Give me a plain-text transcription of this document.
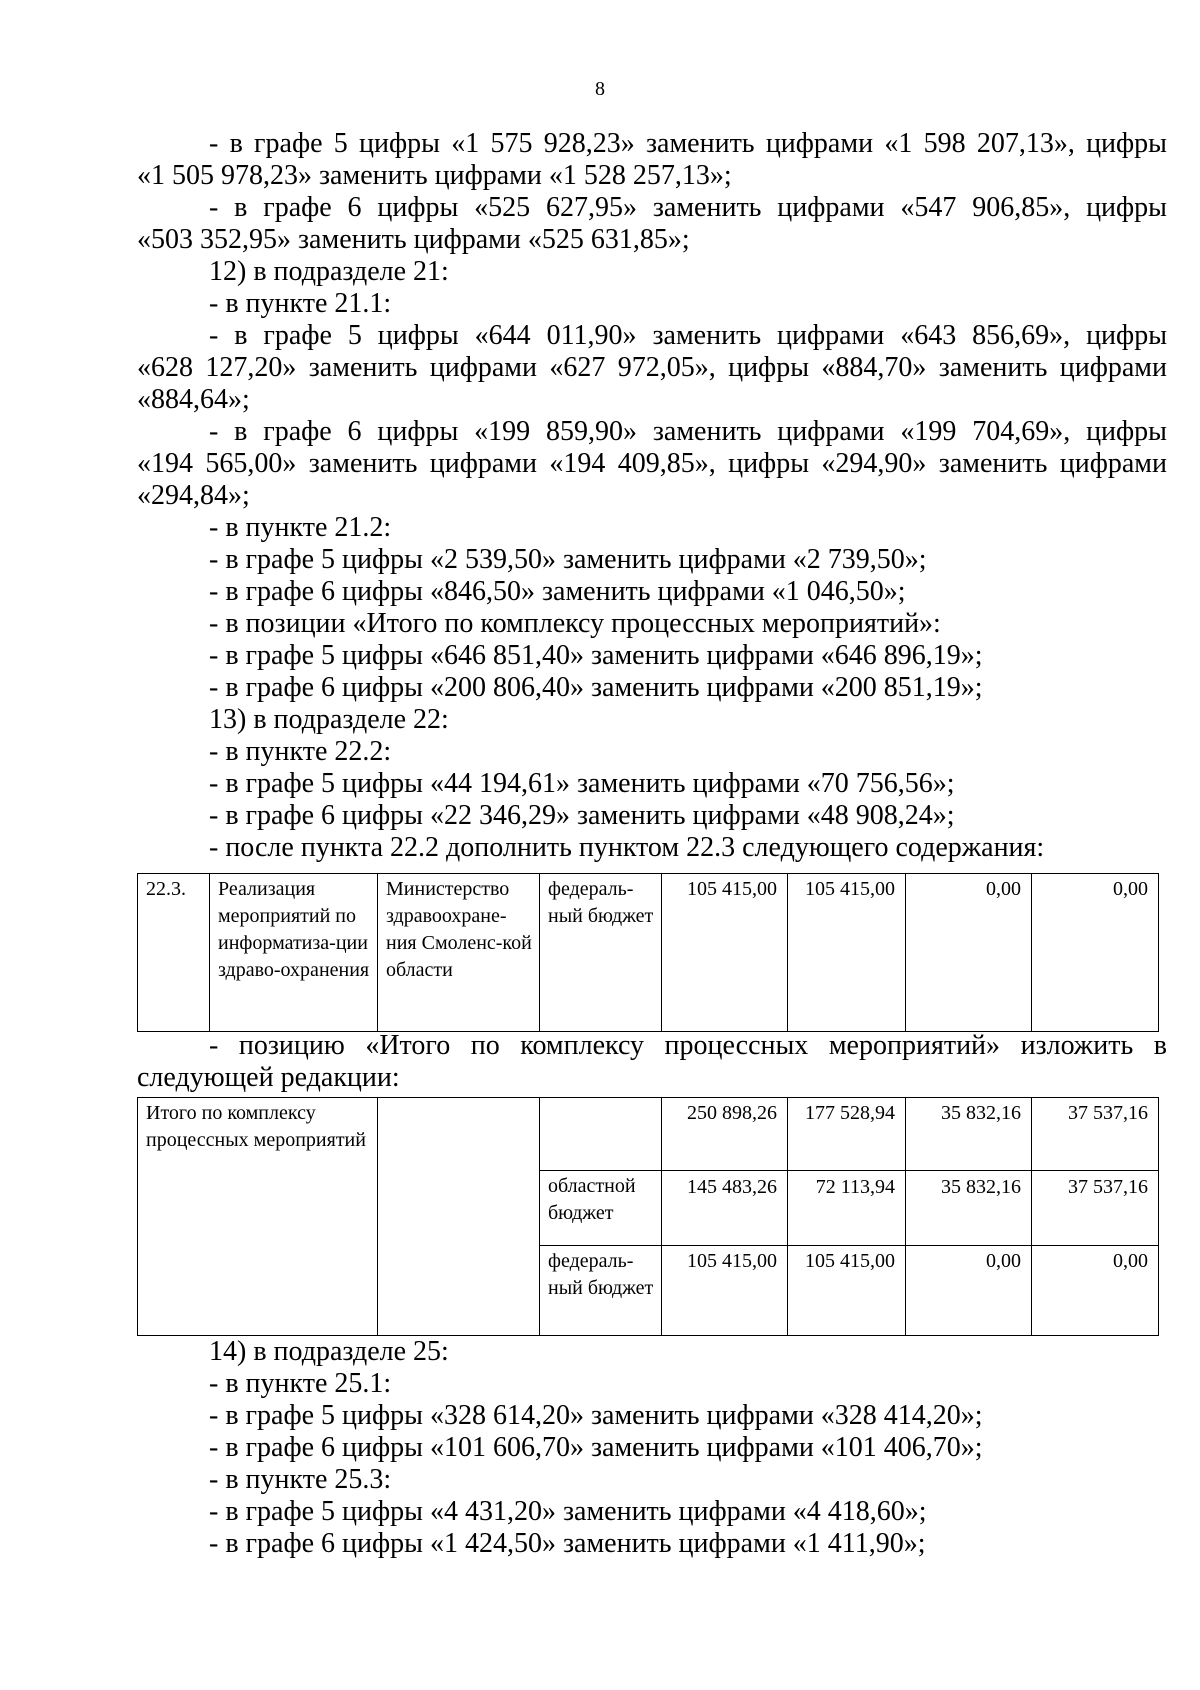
8

- в графе 5 цифры «1 575 928,23» заменить цифрами «1 598 207,13», цифры

«1 505 978,23» заменить цифрами «1 528 257,13»;

- в графе 6 цифры «525 627,95» заменить цифрами «547 906,85», цифры

«503 352,95» заменить цифрами «525 631,85»;

12) в подразделе 21:

- в пункте 21.1:

- в графе 5 цифры «644 011,90» заменить цифрами «643 856,69», цифры

«628 127,20» заменить цифрами «627 972,05», цифры «884,70» заменить цифрами

«884,64»;

- в графе 6 цифры «199 859,90» заменить цифрами «199 704,69», цифры

«194 565,00» заменить цифрами «194 409,85», цифры «294,90» заменить цифрами

«294,84»;

- в пункте 21.2:

- в графе 5 цифры «2 539,50» заменить цифрами «2 739,50»;

- в графе 6 цифры «846,50» заменить цифрами «1 046,50»;

- в позиции «Итого по комплексу процессных мероприятий»:

- в графе 5 цифры «646 851,40» заменить цифрами «646 896,19»;

- в графе 6 цифры «200 806,40» заменить цифрами «200 851,19»;

13) в подразделе 22:

- в пункте 22.2:

- в графе 5 цифры «44 194,61» заменить цифрами «70 756,56»;

- в графе 6 цифры «22 346,29» заменить цифрами «48 908,24»;

- после пункта 22.2 дополнить пунктом 22.3 следующего содержания:

22.3.	Реализация мероприятий по информатиза-ции здраво-охранения	Министерство здравоохране-ния Смоленс-кой области	федераль-ный бюджет	105 415,00	105 415,00	0,00	0,00

- позицию «Итого по комплексу процессных мероприятий» изложить в

следующей редакции:

Итого по комплексу процессных мероприятий			250 898,26	177 528,94	35 832,16	37 537,16
		областной бюджет	145 483,26	72 113,94	35 832,16	37 537,16
		федераль-ный бюджет	105 415,00	105 415,00	0,00	0,00

14) в подразделе 25:

- в пункте 25.1:

- в графе 5 цифры «328 614,20» заменить цифрами «328 414,20»;

- в графе 6 цифры «101 606,70» заменить цифрами «101 406,70»;

- в пункте 25.3:

- в графе 5 цифры «4 431,20» заменить цифрами «4 418,60»;

- в графе 6 цифры «1 424,50» заменить цифрами «1 411,90»;
